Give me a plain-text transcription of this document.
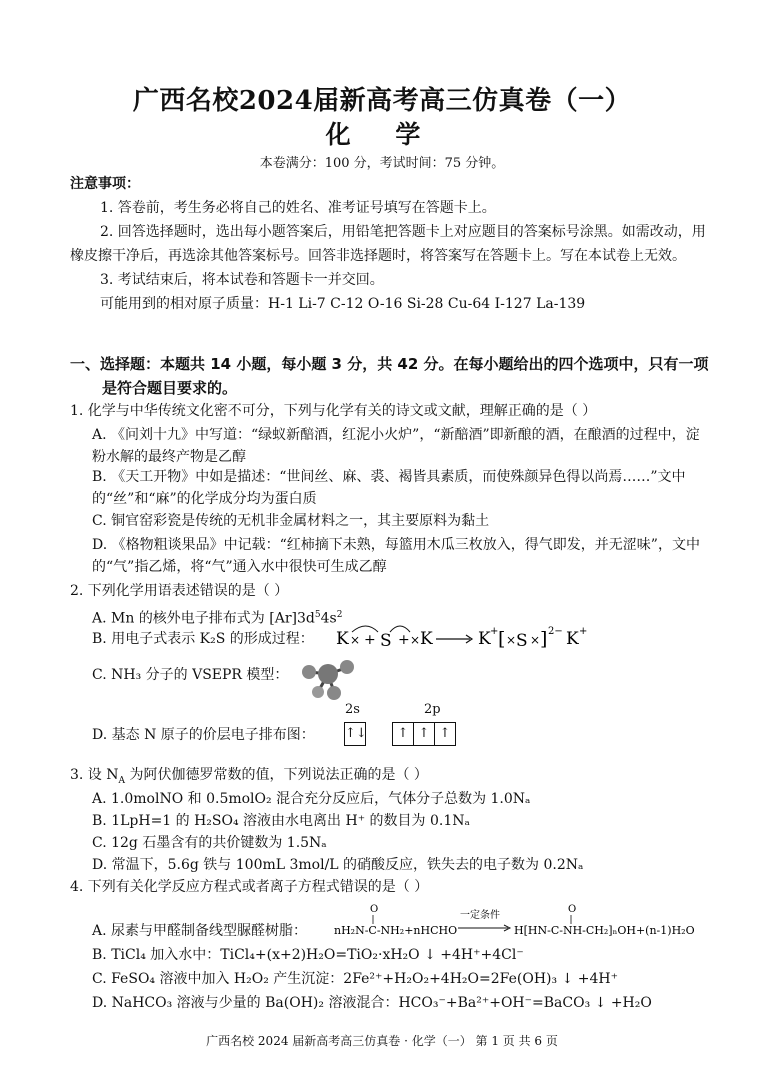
广西名校2024届新高考高三仿真卷（一）
化 学
本卷满分：100 分，考试时间：75 分钟。
注意事项：
1. 答卷前，考生务必将自己的姓名、准考证号填写在答题卡上。
2. 回答选择题时，选出每小题答案后，用铅笔把答题卡上对应题目的答案标号涂黑。如需改动，用橡皮擦干净后，再选涂其他答案标号。回答非选择题时，将答案写在答题卡上。写在本试卷上无效。
3. 考试结束后，将本试卷和答题卡一并交回。
可能用到的相对原子质量：H-1 Li-7 C-12 O-16 Si-28 Cu-64 I-127 La-139
一、选择题：本题共 14 小题，每小题 3 分，共 42 分。在每小题给出的四个选项中，只有一项
是符合题目要求的。
1. 化学与中华传统文化密不可分，下列与化学有关的诗文或文献，理解正确的是（ ）
A. 《问刘十九》中写道：“绿蚁新醅酒，红泥小火炉”，“新醅酒”即新酿的酒，在酿酒的过程中，淀粉水解的最终产物是乙醇
B. 《天工开物》中如是描述：“世间丝、麻、裘、褐皆具素质，而使殊颜异色得以尚焉……”文中的“丝”和“麻”的化学成分均为蛋白质
C. 铜官窑彩瓷是传统的无机非金属材料之一，其主要原料为黏土
D. 《格物粗谈果品》中记载：“红柿摘下未熟，每篮用木瓜三枚放入，得气即发，并无涩味”，文中的“气”指乙烯，将“气”通入水中很快可生成乙醇
2. 下列化学用语表述错误的是（ ）
A. Mn 的核外电子排布式为 $[Ar]3d^54s^2$
B. 用电子式表示 K₂S 的形成过程：	K × + S + × K	K + [ × S × ] 2− K +
C. NH₃ 分子的 VSEPR 模型：
D. 基态 N 原子的价层电子排布图：
2s	2p
↑↓	↑ ↑ ↑
3. 设 $N_A$ 为阿伏伽德罗常数的值，下列说法正确的是（ ）
A. 1.0molNO 和 0.5molO₂ 混合充分反应后，气体分子总数为 1.0Nₐ
B. 1LpH=1 的 H₂SO₄ 溶液由水电离出 H⁺ 的数目为 0.1Nₐ
C. 12g 石墨含有的共价键数为 1.5Nₐ
D. 常温下，5.6g 铁与 100mL 3mol/L 的硝酸反应，铁失去的电子数为 0.2Nₐ
4. 下列有关化学反应方程式或者离子方程式错误的是（ ）
A. 尿素与甲醛制备线型脲醛树脂：
O
nH₂N-C-NH₂+nHCHO
一定条件
O
H[HN-C-NH-CH₂]ₙOH+(n-1)H₂O
B. TiCl₄ 加入水中：TiCl₄+(x+2)H₂O=TiO₂·xH₂O ↓ +4H⁺+4Cl⁻
C. FeSO₄ 溶液中加入 H₂O₂ 产生沉淀：2Fe²⁺+H₂O₂+4H₂O=2Fe(OH)₃ ↓ +4H⁺
D. NaHCO₃ 溶液与少量的 Ba(OH)₂ 溶液混合：HCO₃⁻+Ba²⁺+OH⁻=BaCO₃ ↓ +H₂O
广西名校 2024 届新高考高三仿真卷 · 化学（一） 第 1 页 共 6 页
